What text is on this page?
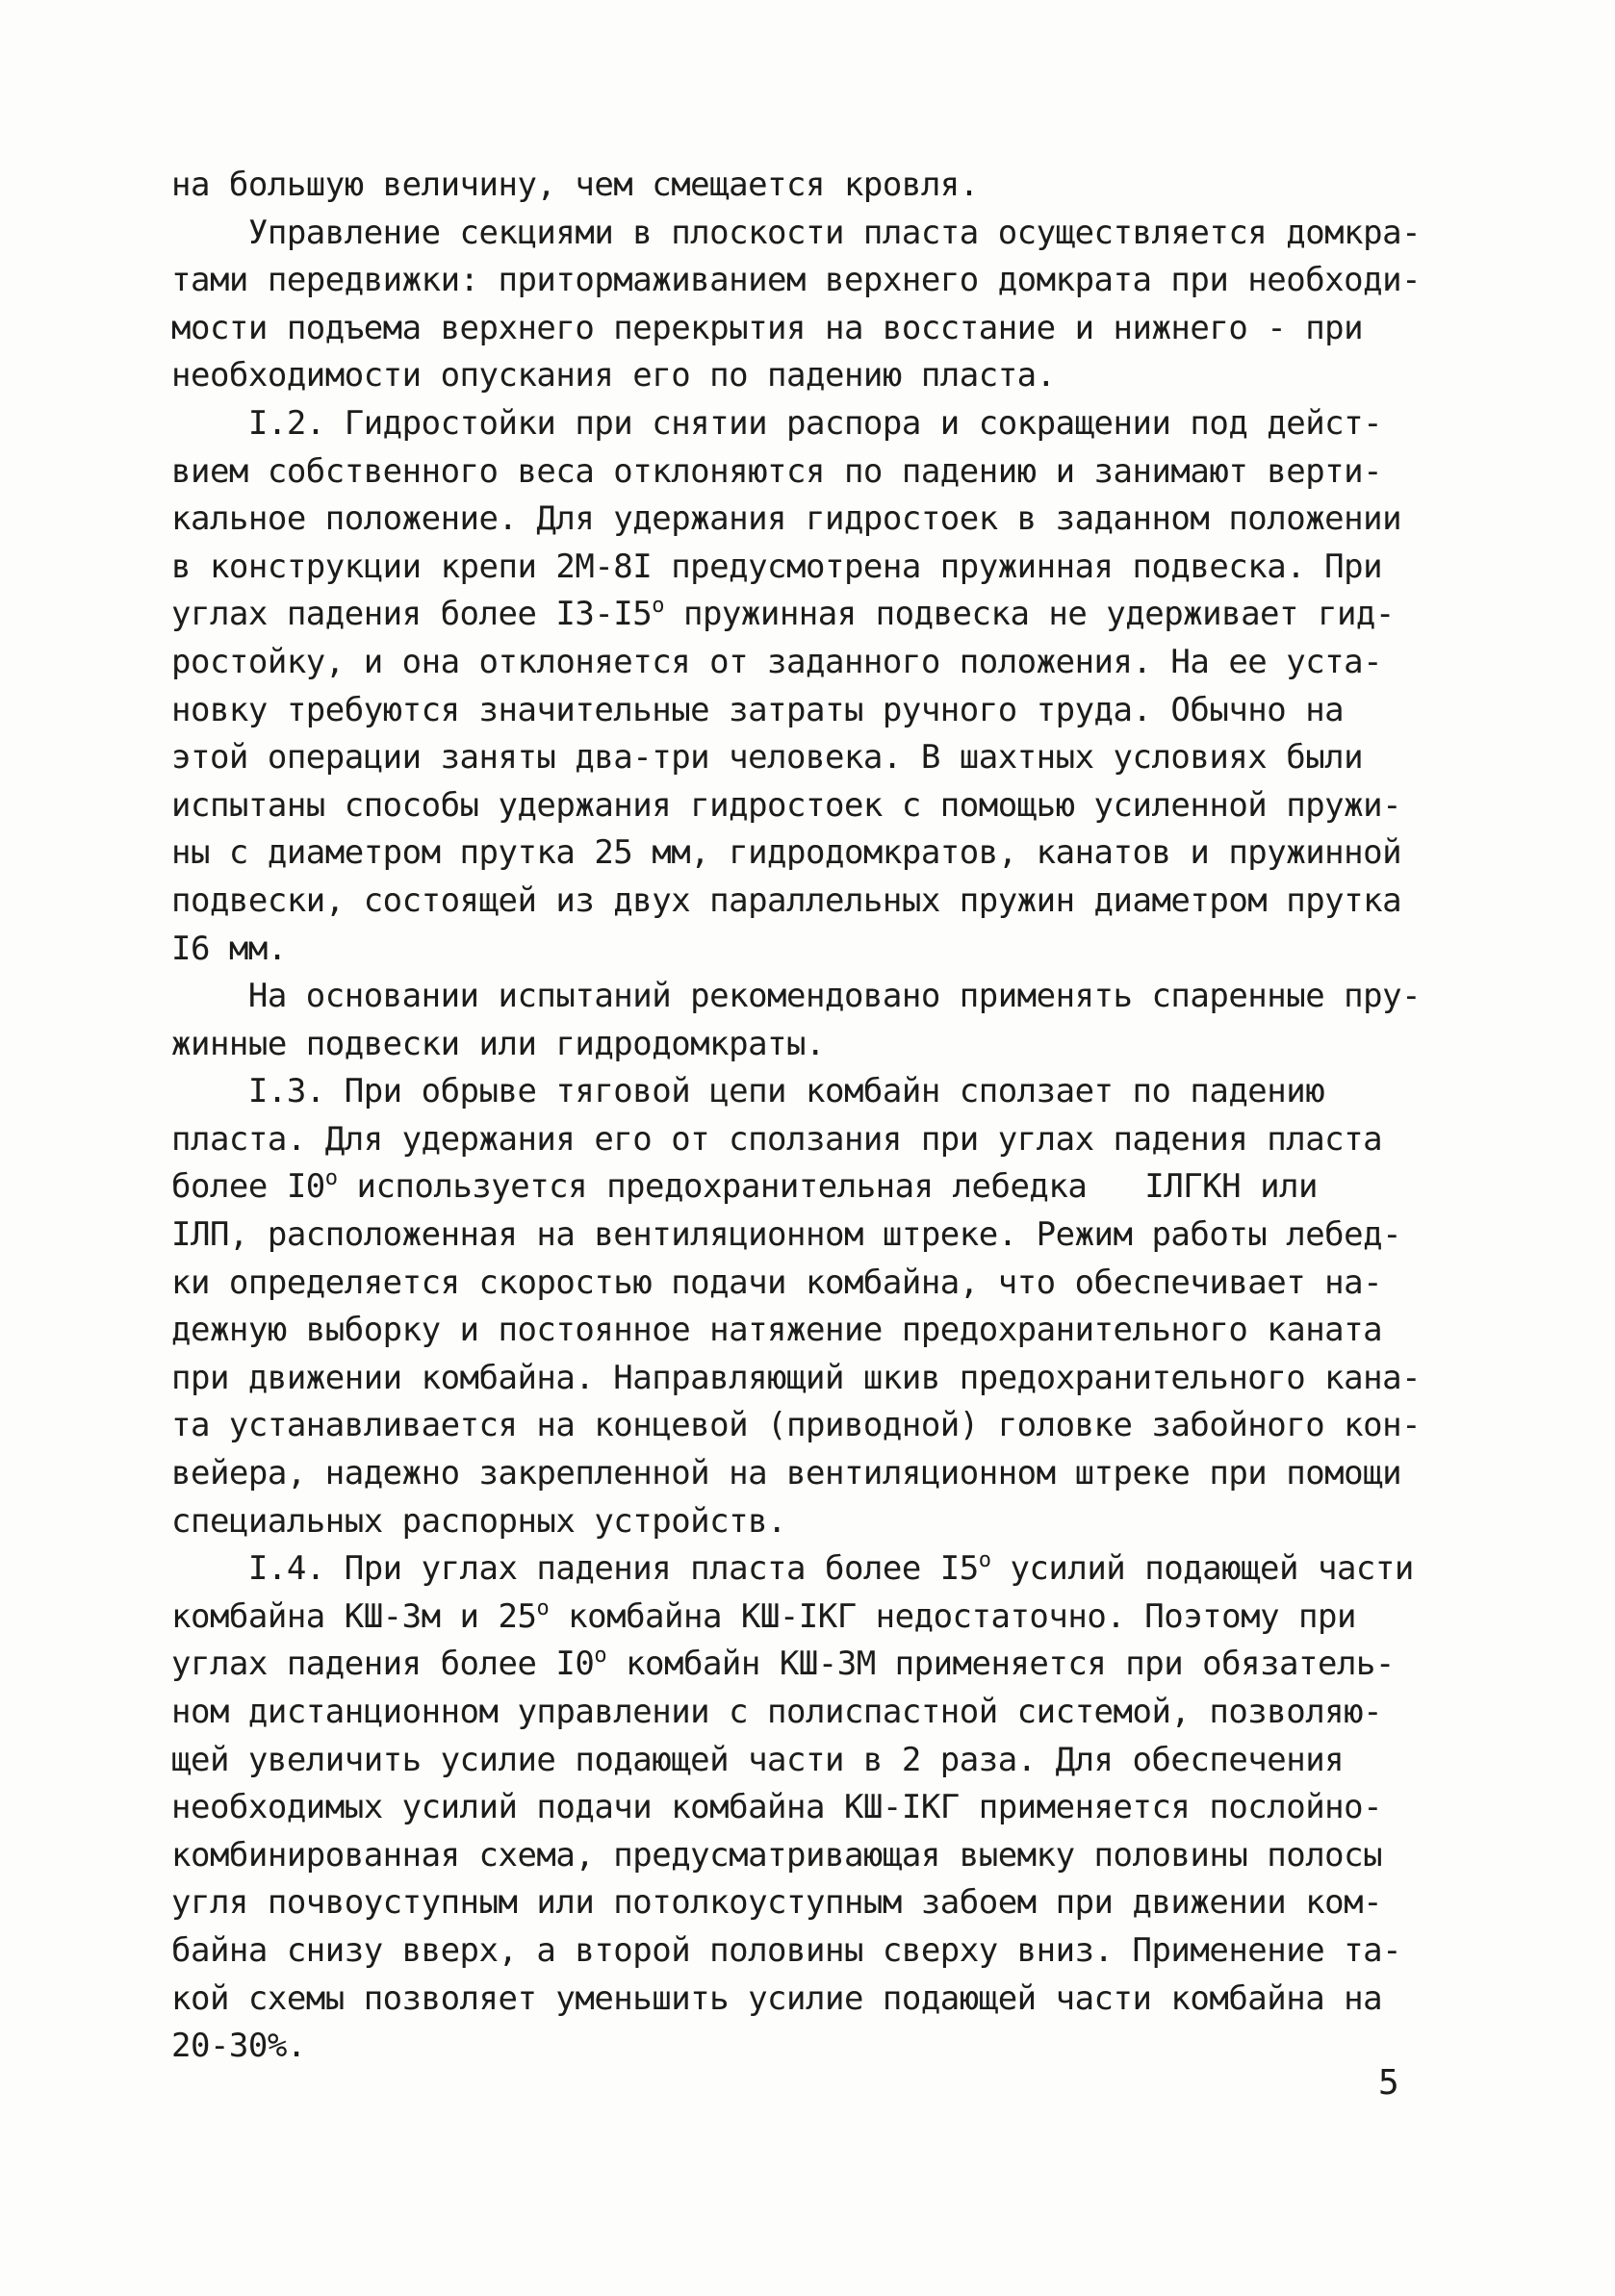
на большую величину, чем смещается кровля.
Управление секциями в плоскости пласта осуществляется домкра-
тами передвижки: притормаживанием верхнего домкрата при необходи-
мости подъема верхнего перекрытия на восстание и нижнего - при
необходимости опускания его по падению пласта.
I.2. Гидростойки при снятии распора и сокращении под дейст-
вием собственного веса отклоняются по падению и занимают верти-
кальное положение. Для удержания гидростоек в заданном положении
в конструкции крепи 2М-8I предусмотрена пружинная подвеска. При
углах падения более I3-I5$^o$ пружинная подвеска не удерживает гид-
ростойку, и она отклоняется от заданного положения. На ее уста-
новку требуются значительные затраты ручного труда. Обычно на
этой операции заняты два-три человека. В шахтных условиях были
испытаны способы удержания гидростоек с помощью усиленной пружи-
ны с диаметром прутка 25 мм, гидродомкратов, канатов и пружинной
подвески, состоящей из двух параллельных пружин диаметром прутка
I6 мм.
На основании испытаний рекомендовано применять спаренные пру-
жинные подвески или гидродомкраты.
I.3. При обрыве тяговой цепи комбайн сползает по падению
пласта. Для удержания его от сползания при углах падения пласта
более I0$^o$ используется предохранительная лебедка   IЛГКН или
IЛП, расположенная на вентиляционном штреке. Режим работы лебед-
ки определяется скоростью подачи комбайна, что обеспечивает на-
дежную выборку и постоянное натяжение предохранительного каната
при движении комбайна. Направляющий шкив предохранительного кана-
та устанавливается на концевой (приводной) головке забойного кон-
вейера, надежно закрепленной на вентиляционном штреке при помощи
специальных распорных устройств.
I.4. При углах падения пласта более I5$^o$ усилий подающей части
комбайна КШ-3м и 25$^o$ комбайна КШ-IКГ недостаточно. Поэтому при
углах падения более I0$^o$ комбайн КШ-3М применяется при обязатель-
ном дистанционном управлении с полиспастной системой, позволяю-
щей увеличить усилие подающей части в 2 раза. Для обеспечения
необходимых усилий подачи комбайна КШ-IКГ применяется послойно-
комбинированная схема, предусматривающая выемку половины полосы
угля почвоуступным или потолкоуступным забоем при движении ком-
байна снизу вверх, а второй половины сверху вниз. Применение та-
кой схемы позволяет уменьшить усилие подающей части комбайна на
20-30%.
5
